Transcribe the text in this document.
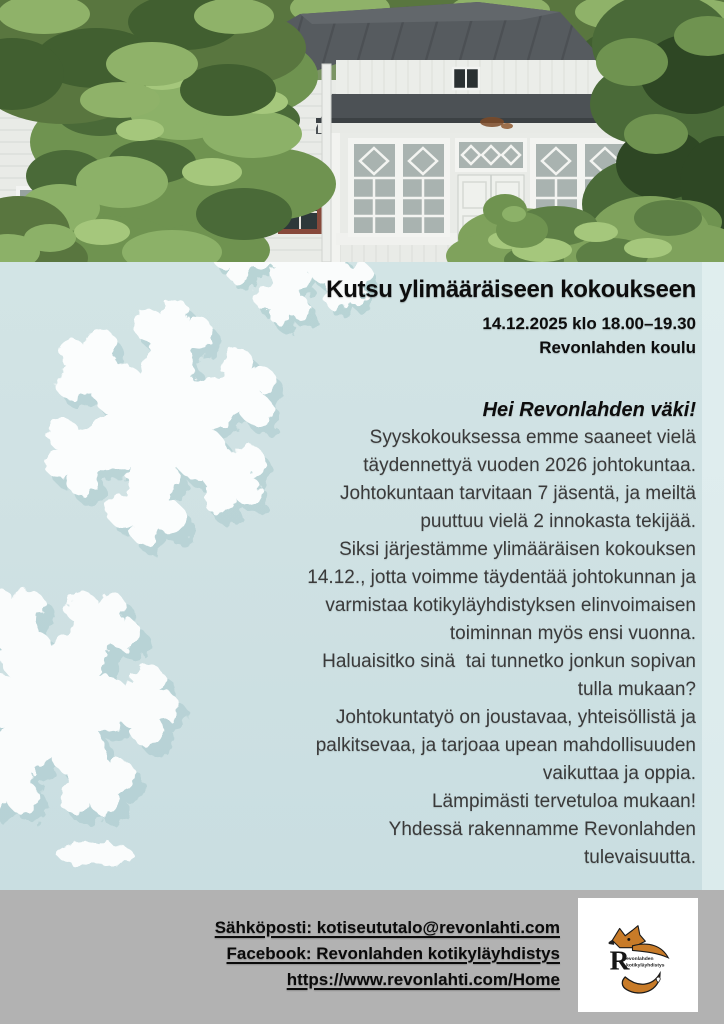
Kutsu ylimääräiseen kokoukseen
14.12.2025 klo 18.00–19.30
Revonlahden koulu
Hei Revonlahden väki!
Syyskokouksessa emme saaneet vielä
täydennettyä vuoden 2026 johtokuntaa.
Johtokuntaan tarvitaan 7 jäsentä, ja meiltä
puuttuu vielä 2 innokasta tekijää.
Siksi järjestämme ylimääräisen kokouksen
14.12., jotta voimme täydentää johtokunnan ja
varmistaa kotikyläyhdistyksen elinvoimaisen
toiminnan myös ensi vuonna.
Haluaisitko sinä  tai tunnetko jonkun sopivan
tulla mukaan?
Johtokuntatyö on joustavaa, yhteisöllistä ja
palkitsevaa, ja tarjoaa upean mahdollisuuden
vaikuttaa ja oppia.
Lämpimästi tervetuloa mukaan!
Yhdessä rakennamme Revonlahden
tulevaisuutta.
Sähköposti: kotiseututalo@revonlahti.com
Facebook: Revonlahden kotikyläyhdistys
https://www.revonlahti.com/Home
R
evonlahden
kotikyläyhdistys
